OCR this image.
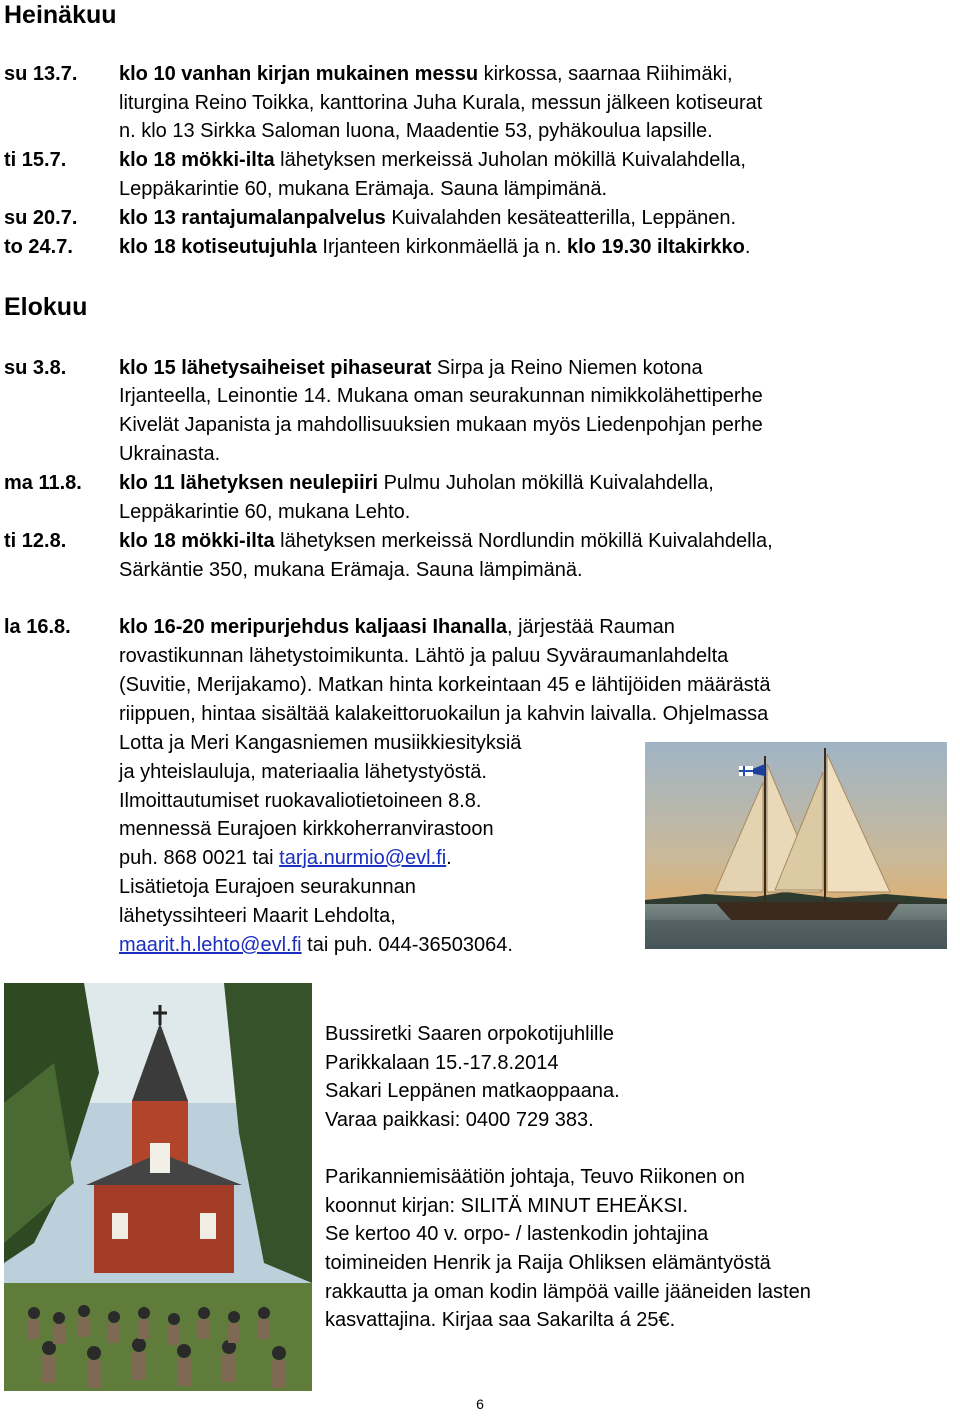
Heinäkuu
su 13.7. klo 10 vanhan kirjan mukainen messu kirkossa, saarnaa Riihimäki,
liturgina Reino Toikka, kanttorina Juha Kurala, messun jälkeen kotiseurat
n. klo 13 Sirkka Saloman luona, Maadentie 53, pyhäkoulua lapsille.
ti 15.7.	klo 18 mökki-ilta lähetyksen merkeissä Juholan mökillä Kuivalahdella,
Leppäkarintie 60, mukana Erämaja. Sauna lämpimänä.
su 20.7. klo 13 rantajumalanpalvelus Kuivalahden kesäteatterilla, Leppänen.
to 24.7. klo 18 kotiseutujuhla Irjanteen kirkonmäellä ja n. klo 19.30 iltakirkko.
Elokuu
su 3.8.	klo 15 lähetysaiheiset pihaseurat Sirpa ja Reino Niemen kotona
Irjanteella, Leinontie 14. Mukana oman seurakunnan nimikkolähettiperhe
Kivelät Japanista ja mahdollisuuksien mukaan myös Liedenpohjan perhe
Ukrainasta.
ma 11.8. klo 11 lähetyksen neulepiiri Pulmu Juholan mökillä Kuivalahdella,
Leppäkarintie 60, mukana Lehto.
ti 12.8.	klo 18 mökki-ilta lähetyksen merkeissä Nordlundin mökillä Kuivalahdella,
Särkäntie 350, mukana Erämaja. Sauna lämpimänä.
la 16.8. klo 16-20 meripurjehdus kaljaasi Ihanalla, järjestää Rauman
rovastikunnan lähetystoimikunta. Lähtö ja paluu Syväraumanlahdelta
(Suvitie, Merijakamo). Matkan hinta korkeintaan 45 e lähtijöiden määrästä
riippuen, hintaa sisältää kalakeittoruokailun ja kahvin laivalla. Ohjelmassa
Lotta ja Meri Kangasniemen musiikkiesityksiä
ja yhteislauluja, materiaalia lähetystyöstä.
Ilmoittautumiset ruokavaliotietoineen 8.8.
mennessä Eurajoen kirkkoherranvirastoon
puh. 868 0021 tai tarja.nurmio@evl.fi.
Lisätietoja Eurajoen seurakunnan
lähetyssihteeri Maarit Lehdolta,
maarit.h.lehto@evl.fi tai puh. 044-36503064.
Bussiretki Saaren orpokotijuhlille
Parikkalaan 15.-17.8.2014
Sakari Leppänen matkaoppaana.
Varaa paikkasi: 0400 729 383.
Parikanniemisäätiön johtaja, Teuvo Riikonen on
koonnut kirjan: SILITÄ MINUT EHEÄKSI.
Se kertoo 40 v. orpo- / lastenkodin johtajina
toimineiden Henrik ja Raija Ohliksen elämäntyöstä
rakkautta ja oman kodin lämpöä vaille jääneiden lasten
kasvattajina. Kirjaa saa Sakarilta á 25€.
6
